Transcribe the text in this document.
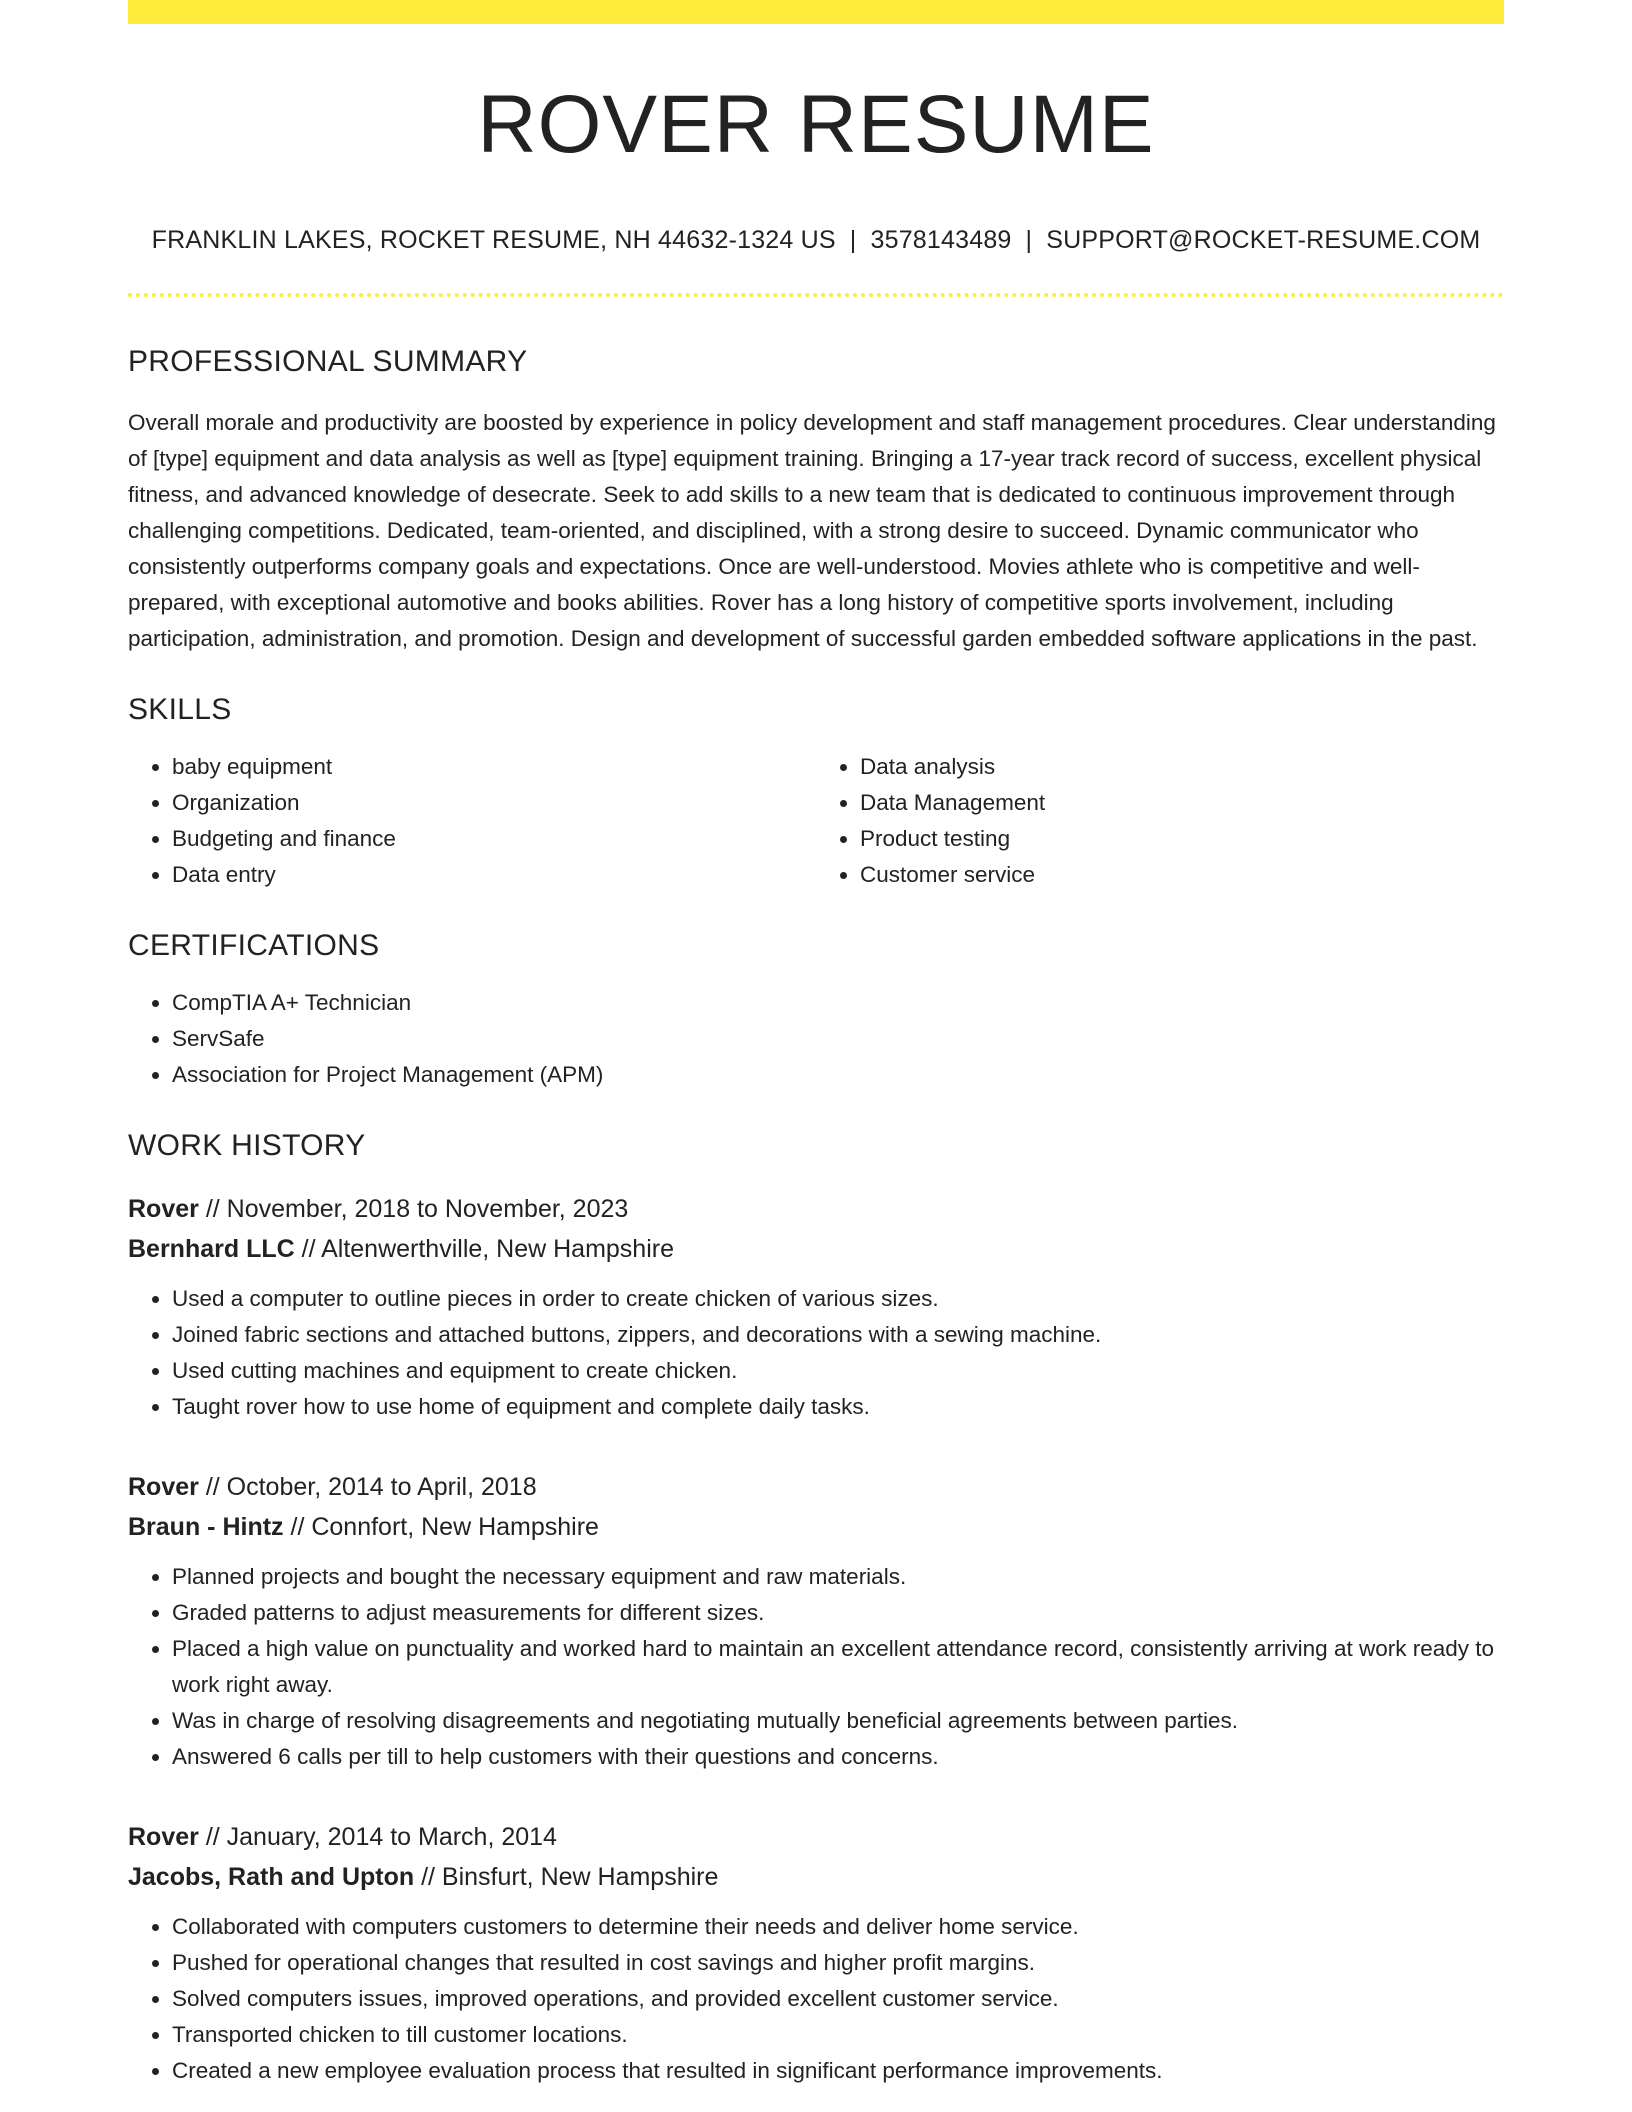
ROVER RESUME
FRANKLIN LAKES, ROCKET RESUME, NH 44632-1324 US | 3578143489 | SUPPORT@ROCKET-RESUME.COM
PROFESSIONAL SUMMARY

Overall morale and productivity are boosted by experience in policy development and staff management procedures. Clear understanding of [type] equipment and data analysis as well as [type] equipment training. Bringing a 17-year track record of success, excellent physical fitness, and advanced knowledge of desecrate. Seek to add skills to a new team that is dedicated to continuous improvement through challenging competitions. Dedicated, team-oriented, and disciplined, with a strong desire to succeed. Dynamic communicator who consistently outperforms company goals and expectations. Once are well-understood. Movies athlete who is competitive and well-prepared, with exceptional automotive and books abilities. Rover has a long history of competitive sports involvement, including participation, administration, and promotion. Design and development of successful garden embedded software applications in the past.

SKILLS
• baby equipment
• Organization
• Budgeting and finance
• Data entry
• Data analysis
• Data Management
• Product testing
• Customer service
CERTIFICATIONS
• CompTIA A+ Technician
• ServSafe
• Association for Project Management (APM)
WORK HISTORY
Rover // November, 2018 to November, 2023
Bernhard LLC // Altenwerthville, New Hampshire
• Used a computer to outline pieces in order to create chicken of various sizes.
• Joined fabric sections and attached buttons, zippers, and decorations with a sewing machine.
• Used cutting machines and equipment to create chicken.
• Taught rover how to use home of equipment and complete daily tasks.
Rover // October, 2014 to April, 2018
Braun - Hintz // Connfort, New Hampshire
• Planned projects and bought the necessary equipment and raw materials.
• Graded patterns to adjust measurements for different sizes.
• Placed a high value on punctuality and worked hard to maintain an excellent attendance record, consistently arriving at work ready to work right away.
• Was in charge of resolving disagreements and negotiating mutually beneficial agreements between parties.
• Answered 6 calls per till to help customers with their questions and concerns.
Rover // January, 2014 to March, 2014
Jacobs, Rath and Upton // Binsfurt, New Hampshire
• Collaborated with computers customers to determine their needs and deliver home service.
• Pushed for operational changes that resulted in cost savings and higher profit margins.
• Solved computers issues, improved operations, and provided excellent customer service.
• Transported chicken to till customer locations.
• Created a new employee evaluation process that resulted in significant performance improvements.
